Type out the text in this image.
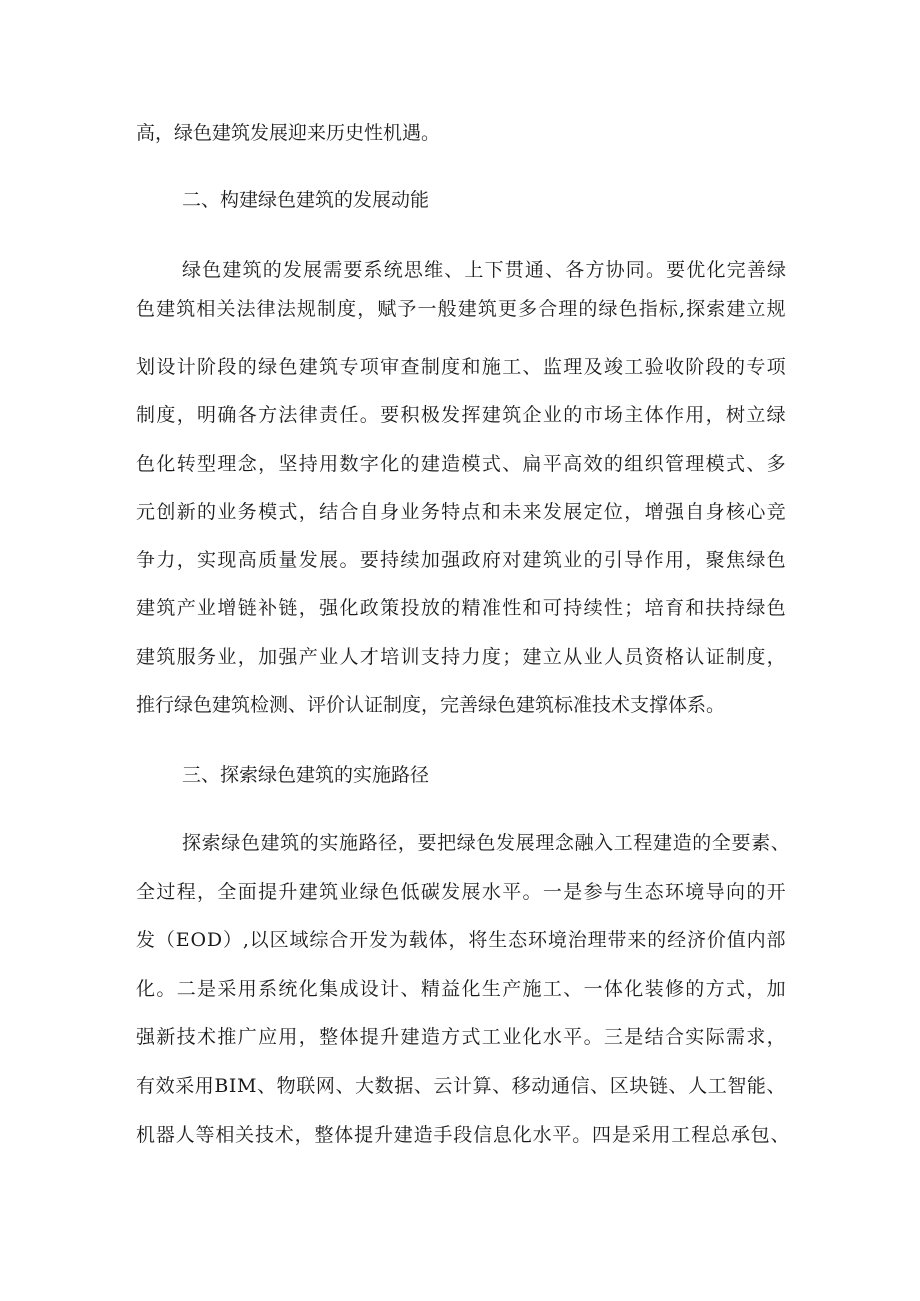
高，绿色建筑发展迎来历史性机遇。
二、构建绿色建筑的发展动能
绿 色 建 筑 的 发 展 需 要 系 统 思 维 、 上 下 贯 通 、 各 方 协 同 。 要 优 化 完 善 绿
色 建 筑 相 关 法 律 法 规 制 度 ， 赋 予 一 般 建 筑 更 多 合 理 的 绿 色 指 标 , 探 索 建 立 规
划 设 计 阶 段 的 绿 色 建 筑 专 项 审 查 制 度 和 施 工 、 监 理 及 竣 工 验 收 阶 段 的 专 项
制 度 ， 明 确 各 方 法 律 责 任 。 要 积 极 发 挥 建 筑 企 业 的 市 场 主 体 作 用 ， 树 立 绿
色 化 转 型 理 念 ， 坚 持 用 数 字 化 的 建 造 模 式 、 扁 平 高 效 的 组 织 管 理 模 式 、 多
元 创 新 的 业 务 模 式 ， 结 合 自 身 业 务 特 点 和 未 来 发 展 定 位 ， 增 强 自 身 核 心 竞
争 力 ， 实 现 高 质 量 发 展 。 要 持 续 加 强 政 府 对 建 筑 业 的 引 导 作 用 ， 聚 焦 绿 色
建 筑 产 业 增 链 补 链 ， 强 化 政 策 投 放 的 精 准 性 和 可 持 续 性 ； 培 育 和 扶 持 绿 色
建 筑 服 务 业 ， 加 强 产 业 人 才 培 训 支 持 力 度 ； 建 立 从 业 人 员 资 格 认 证 制 度 ，
推行绿色建筑检测、评价认证制度，完善绿色建筑标准技术支撑体系。
三、探索绿色建筑的实施路径
探 索 绿 色 建 筑 的 实 施 路 径 ， 要 把 绿 色 发 展 理 念 融 入 工 程 建 造 的 全 要 素 、
全 过 程 ， 全 面 提 升 建 筑 业 绿 色 低 碳 发 展 水 平 。 一 是 参 与 生 态 环 境 导 向 的 开
发 （ E O D ） , 以 区 域 综 合 开 发 为 载 体 ， 将 生 态 环 境 治 理 带 来 的 经 济 价 值 内 部
化 。 二 是 采 用 系 统 化 集 成 设 计 、 精 益 化 生 产 施 工 、 一 体 化 装 修 的 方 式 ， 加
强 新 技 术 推 广 应 用 ， 整 体 提 升 建 造 方 式 工 业 化 水 平 。 三 是 结 合 实 际 需 求 ，
有 效 采 用 B I M 、 物 联 网 、 大 数 据 、 云 计 算 、 移 动 通 信 、 区 块 链 、 人 工 智 能 、
机 器 人 等 相 关 技 术 ， 整 体 提 升 建 造 手 段 信 息 化 水 平 。 四 是 采 用 工 程 总 承 包 、
